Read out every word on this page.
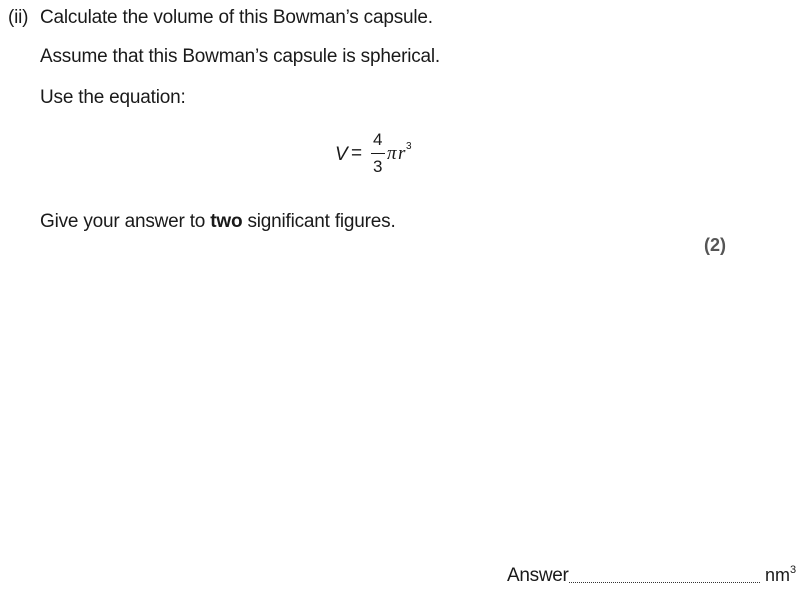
(ii) Calculate the volume of this Bowman’s capsule.
Assume that this Bowman’s capsule is spherical.
Use the equation:
V =
4
3
π r 3
Give your answer to two significant figures.
(2)
Answer	$nm^3$
